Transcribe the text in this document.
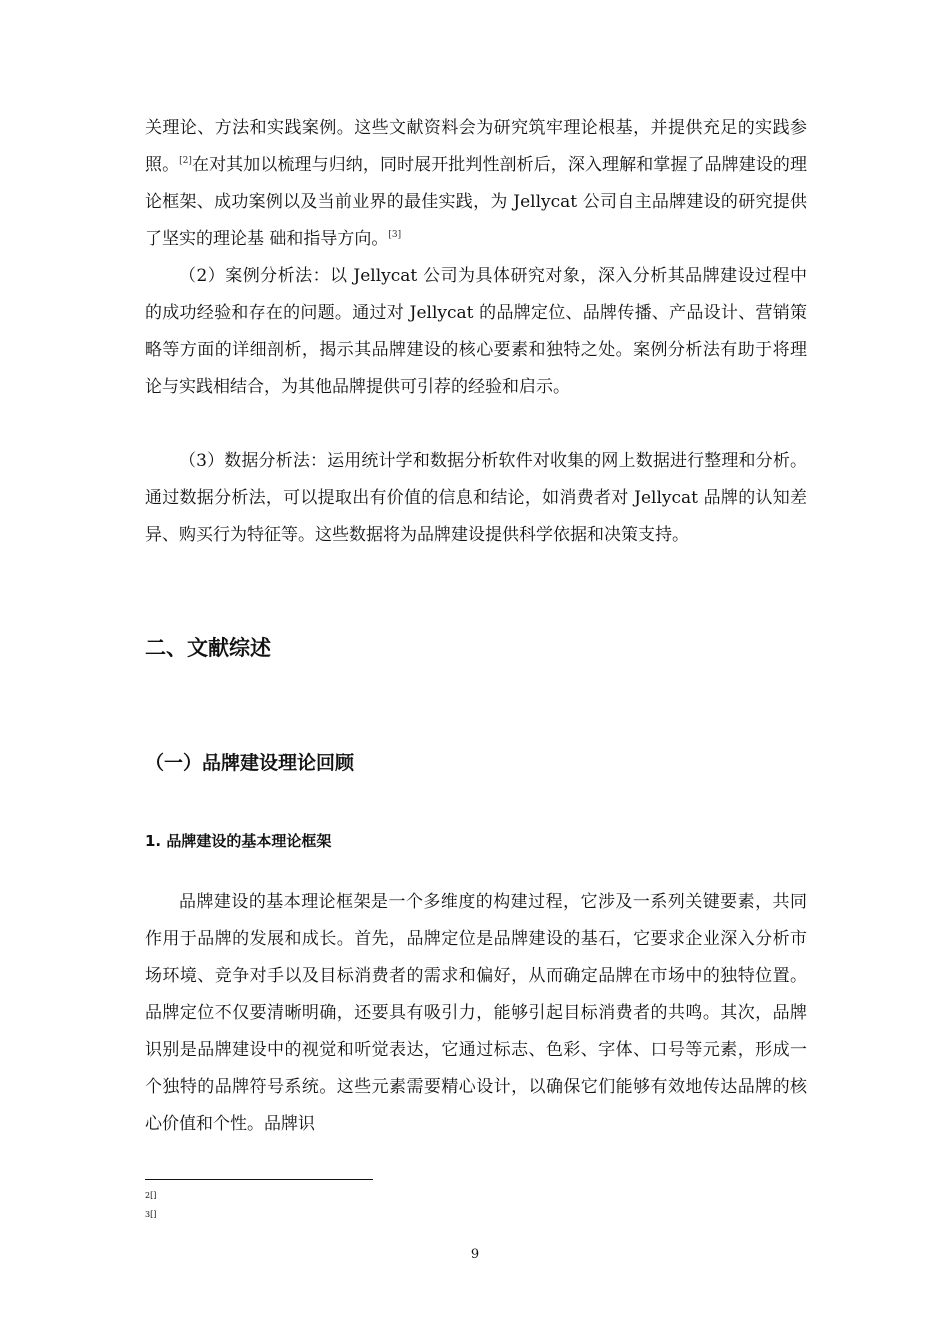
关理论、方法和实践案例。这些文献资料会为研究筑牢理论根基，并提供充足的实践参照。[2]在对其加以梳理与归纳，同时展开批判性剖析后，深入理解和掌握了品牌建设的理论框架、成功案例以及当前业界的最佳实践，为 Jellycat 公司自主品牌建设的研究提供了坚实的理论基 础和指导方向。[3]

（2）案例分析法：以 Jellycat 公司为具体研究对象，深入分析其品牌建设过程中的成功经验和存在的问题。通过对 Jellycat 的品牌定位、品牌传播、产品设计、营销策略等方面的详细剖析，揭示其品牌建设的核心要素和独特之处。案例分析法有助于将理论与实践相结合，为其他品牌提供可引荐的经验和启示。

（3）数据分析法：运用统计学和数据分析软件对收集的网上数据进行整理和分析。通过数据分析法，可以提取出有价值的信息和结论，如消费者对 Jellycat 品牌的认知差异、购买行为特征等。这些数据将为品牌建设提供科学依据和决策支持。

二、文献综述
（一）品牌建设理论回顾
1. 品牌建设的基本理论框架

品牌建设的基本理论框架是一个多维度的构建过程，它涉及一系列关键要素，共同作用于品牌的发展和成长。首先，品牌定位是品牌建设的基石，它要求企业深入分析市场环境、竞争对手以及目标消费者的需求和偏好，从而确定品牌在市场中的独特位置。品牌定位不仅要清晰明确，还要具有吸引力，能够引起目标消费者的共鸣。其次，品牌识别是品牌建设中的视觉和听觉表达，它通过标志、色彩、字体、口号等元素，形成一个独特的品牌符号系统。这些元素需要精心设计，以确保它们能够有效地传达品牌的核心价值和个性。品牌识

2[]
3[]
9
